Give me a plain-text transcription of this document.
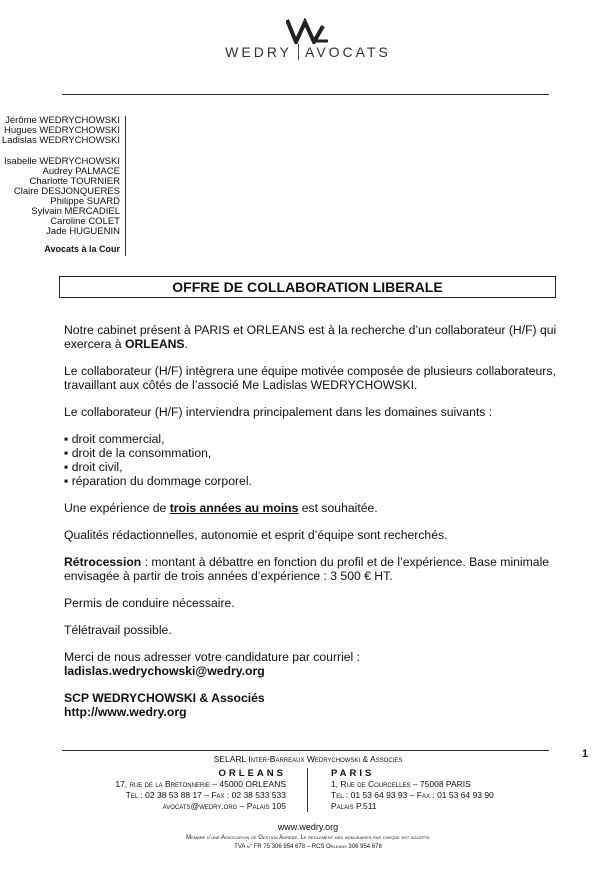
WEDRY AVOCATS
Jérôme WEDRYCHOWSKI
Hugues WEDRYCHOWSKI
Ladislas WEDRYCHOWSKI
Isabelle WEDRYCHOWSKI
Audrey PALMACE
Charlotte TOURNIER
Claire DESJONQUERES
Philippe SUARD
Sylvain MERCADIEL
Caroline COLET
Jade HUGUENIN
Avocats à la Cour
OFFRE DE COLLABORATION LIBERALE

Notre cabinet présent à PARIS et ORLEANS est à la recherche d’un collaborateur (H/F) qui exercera à ORLEANS.

Le collaborateur (H/F) intègrera une équipe motivée composée de plusieurs collaborateurs, travaillant aux côtés de l’associé Me Ladislas WEDRYCHOWSKI.

Le collaborateur (H/F) interviendra principalement dans les domaines suivants :

▪ droit commercial,
▪ droit de la consommation,
▪ droit civil,
▪ réparation du dommage corporel.

Une expérience de trois années au moins est souhaitée.

Qualités rédactionnelles, autonomie et esprit d’équipe sont recherchés.

Rétrocession : montant à débattre en fonction du profil et de l’expérience. Base minimale envisagée à partir de trois années d’expérience : 3 500 € HT.

Permis de conduire nécessaire.

Télétravail possible.

Merci de nous adresser votre candidature par courriel : ladislas.wedrychowski@wedry.org

SCP WEDRYCHOWSKI & Associés
http://www.wedry.org
1
SELARL Inter-Barreaux Wedrychowski & Associes
ORLEANS
17, rue de la Bretonnerie – 45000 ORLEANS
Tel : 02 38 53 88 17 – Fax : 02 38 533 533
avocats@wedry.org – Palais 105
PARIS
1, Rue de Courcelles – 75008 PARIS
Tel : 01 53 64 93 93 – Fax : 01 53 64 93 90
Palais P.511
www.wedry.org
Membre d’une Association de Gestion Agreee. Le reglement des honoraires par cheque est accepte
TVA n° FR 75 306 954 678 – RCS Orleans 306 954 678
